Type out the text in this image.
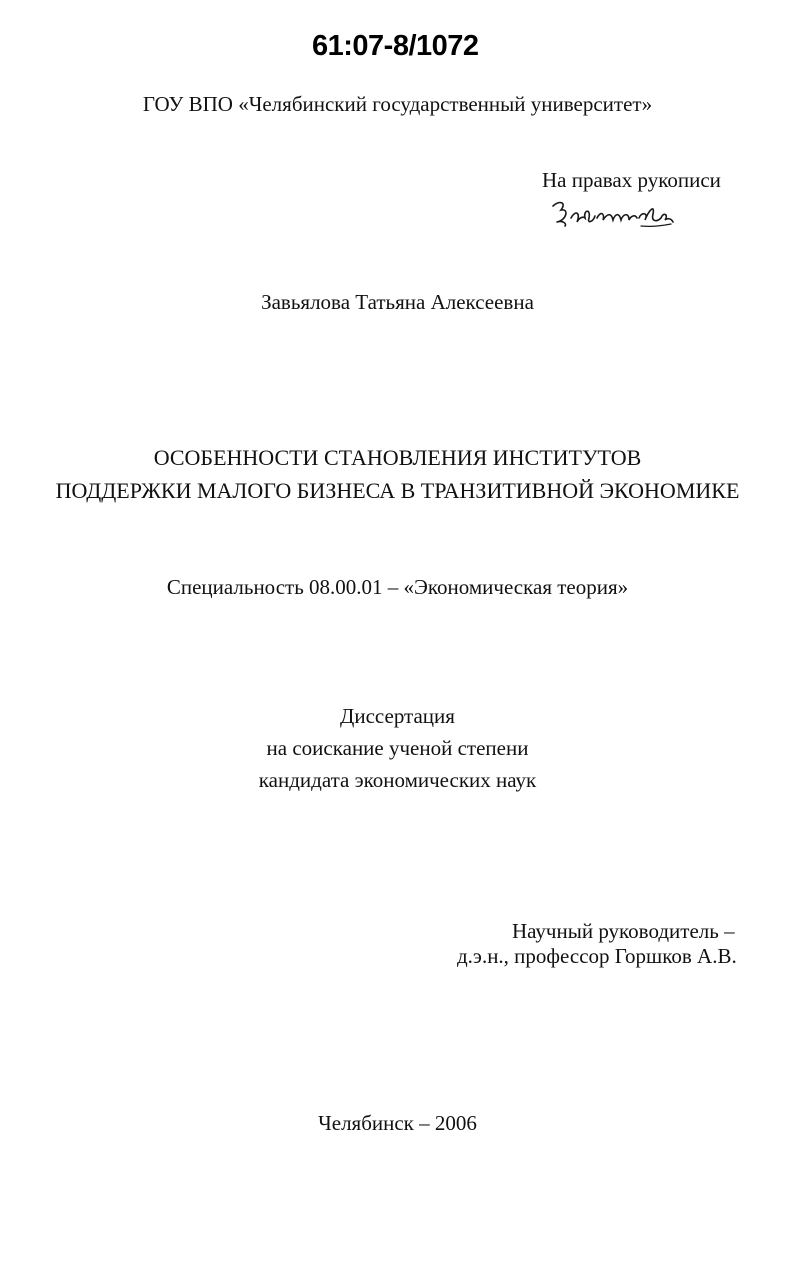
61:07-8/1072
ГОУ ВПО «Челябинский государственный университет»
На правах рукописи
Завьялова Татьяна Алексеевна
ОСОБЕННОСТИ СТАНОВЛЕНИЯ ИНСТИТУТОВ
ПОДДЕРЖКИ МАЛОГО БИЗНЕСА В ТРАНЗИТИВНОЙ ЭКОНОМИКЕ
Специальность 08.00.01 – «Экономическая теория»
Диссертация
на соискание ученой степени
кандидата экономических наук
Научный руководитель –
д.э.н., профессор Горшков А.В.
Челябинск – 2006
